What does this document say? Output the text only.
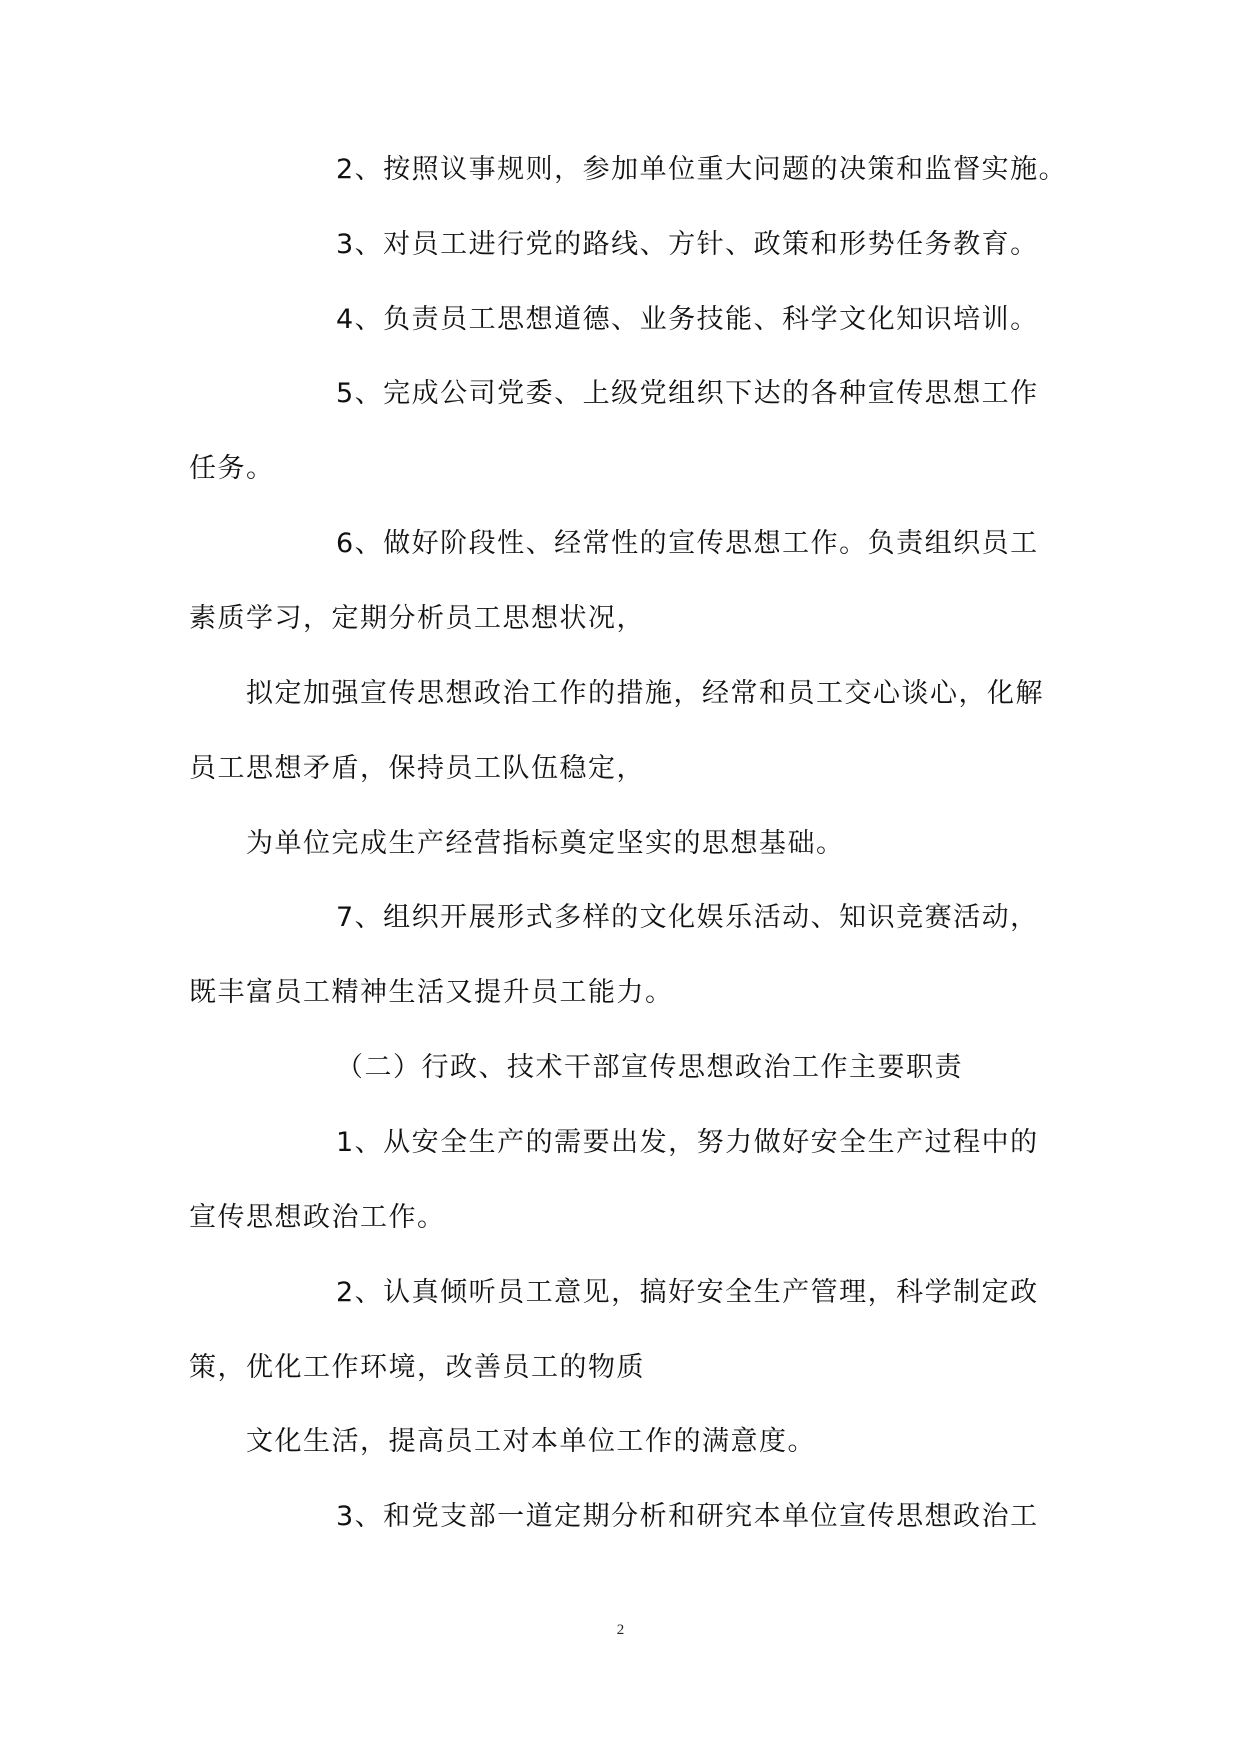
2、按照议事规则，参加单位重大问题的决策和监督实施。
3、对员工进行党的路线、方针、政策和形势任务教育。
4、负责员工思想道德、业务技能、科学文化知识培训。
5、完成公司党委、上级党组织下达的各种宣传思想工作
任务。
6、做好阶段性、经常性的宣传思想工作。负责组织员工
素质学习，定期分析员工思想状况，
拟定加强宣传思想政治工作的措施，经常和员工交心谈心，化解
员工思想矛盾，保持员工队伍稳定，
为单位完成生产经营指标奠定坚实的思想基础。
7、组织开展形式多样的文化娱乐活动、知识竞赛活动，
既丰富员工精神生活又提升员工能力。
（二）行政、技术干部宣传思想政治工作主要职责
1、从安全生产的需要出发，努力做好安全生产过程中的
宣传思想政治工作。
2、认真倾听员工意见，搞好安全生产管理，科学制定政
策，优化工作环境，改善员工的物质
文化生活，提高员工对本单位工作的满意度。
3、和党支部一道定期分析和研究本单位宣传思想政治工
2
